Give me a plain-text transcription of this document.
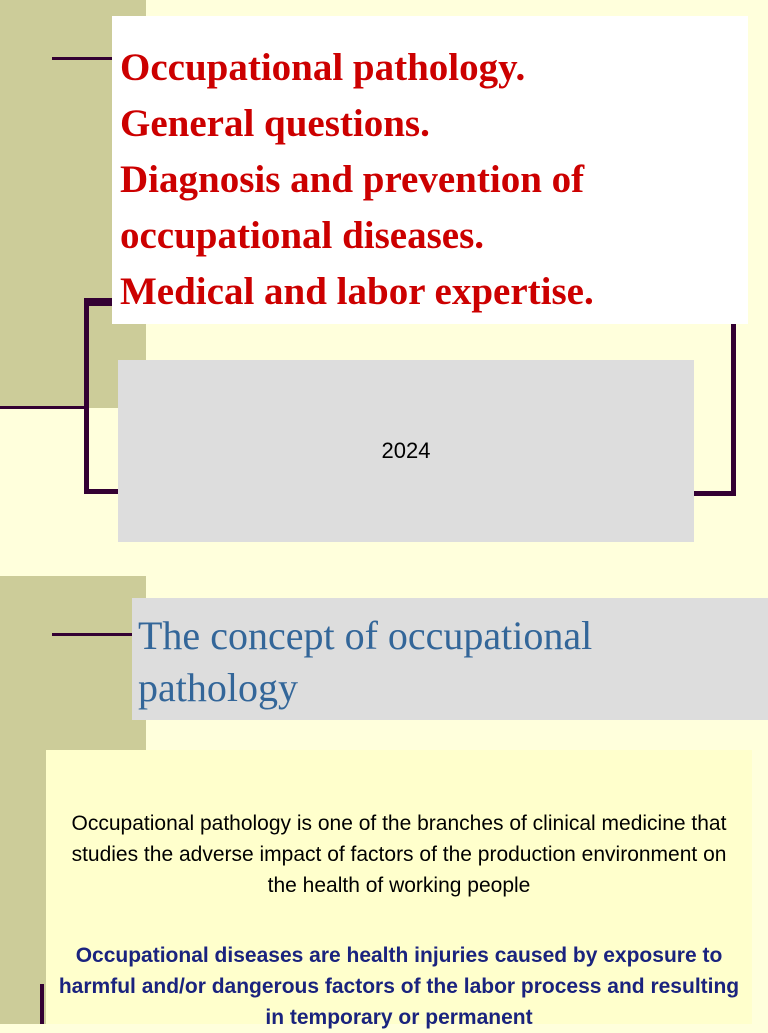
Occupational pathology.
General questions.
Diagnosis and prevention of
occupational diseases.
Medical and labor expertise.
2024
The concept of occupational
pathology

Occupational pathology is one of the branches of clinical medicine that studies the adverse impact of factors of the production environment on the health of working people

Occupational diseases are health injuries caused by exposure to harmful and/or dangerous factors of the labor process and resulting in temporary or permanent
